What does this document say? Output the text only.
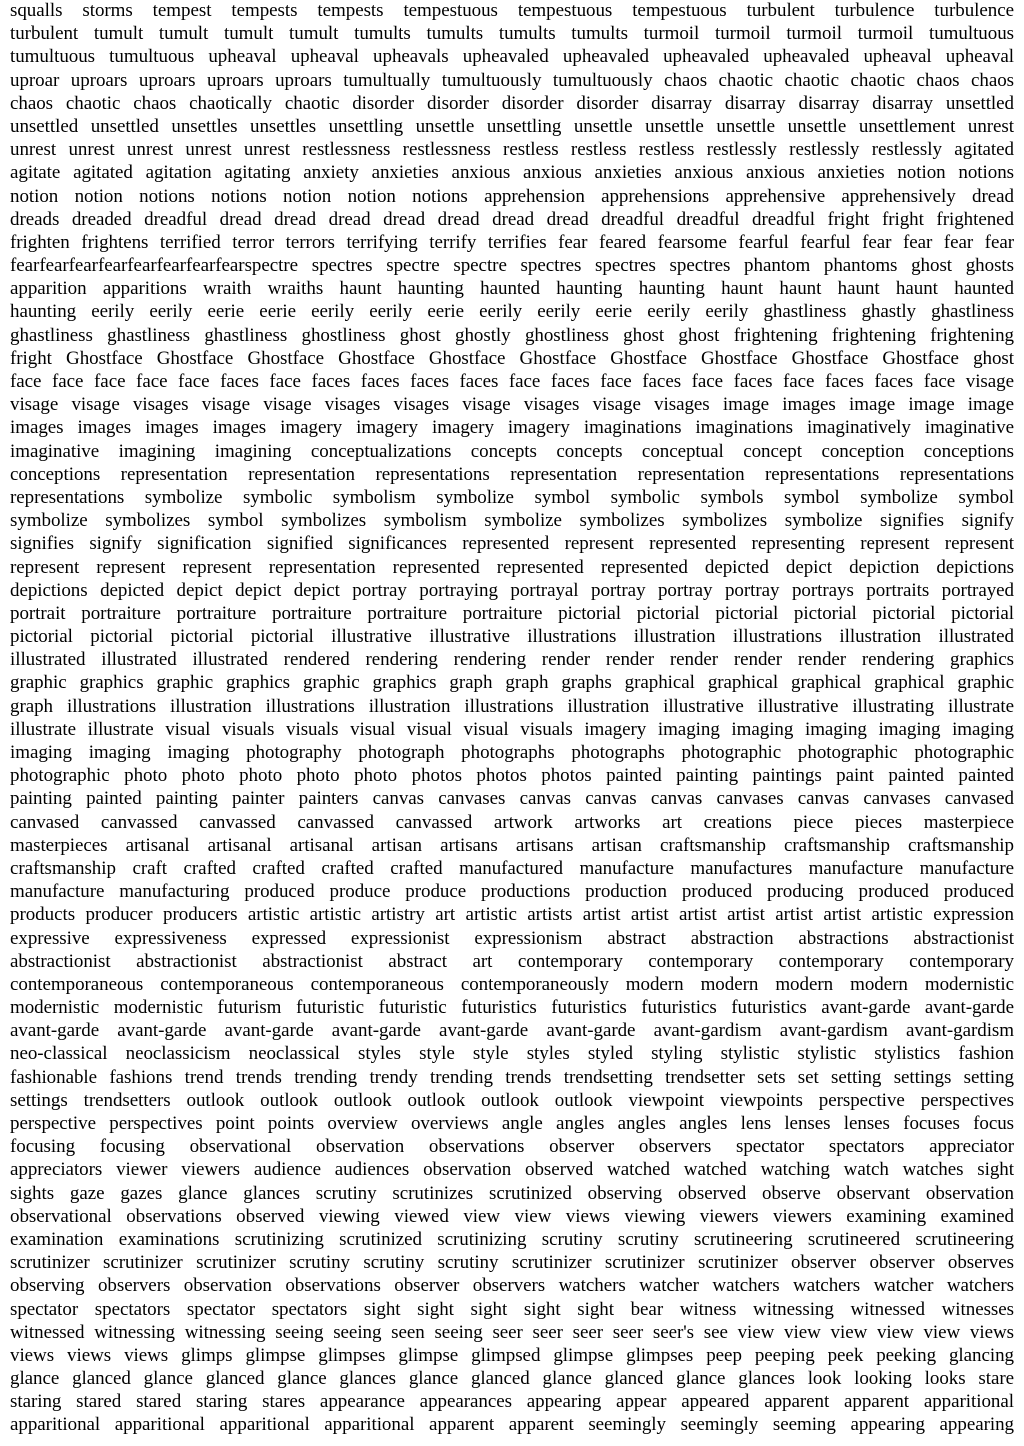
squalls storms tempest tempests tempests tempestuous tempestuous tempestuous turbulent turbulence turbulence
turbulent tumult tumult tumult tumult tumults tumults tumults tumults turmoil turmoil turmoil turmoil tumultuous
tumultuous tumultuous upheaval upheaval upheavals upheavaled upheavaled upheavaled upheavaled upheaval upheaval
uproar uproars uproars uproars uproars tumultually tumultuously tumultuously chaos chaotic chaotic chaotic chaos chaos
chaos chaotic chaos chaotically chaotic disorder disorder disorder disorder disarray disarray disarray disarray unsettled
unsettled unsettled unsettles unsettles unsettling unsettle unsettling unsettle unsettle unsettle unsettle unsettlement unrest
unrest unrest unrest unrest unrest restlessness restlessness restless restless restless restlessly restlessly restlessly agitated
agitate agitated agitation agitating anxiety anxieties anxious anxious anxieties anxious anxious anxieties notion notions
notion notion notions notions notion notion notions apprehension apprehensions apprehensive apprehensively dread
dreads dreaded dreadful dread dread dread dread dread dread dread dreadful dreadful dreadful fright fright frightened
frighten frightens terrified terror terrors terrifying terrify terrifies fear feared fearsome fearful fearful fear fear fear fear
fearfearfearfearfearfearfearfearspectre spectres spectre spectre spectres spectres spectres phantom phantoms ghost ghosts
apparition apparitions wraith wraiths haunt haunting haunted haunting haunting haunt haunt haunt haunt haunted
haunting eerily eerily eerie eerie eerily eerily eerie eerily eerily eerie eerily eerily ghastliness ghastly ghastliness
ghastliness ghastliness ghastliness ghostliness ghost ghostly ghostliness ghost ghost frightening frightening frightening
fright Ghostface Ghostface Ghostface Ghostface Ghostface Ghostface Ghostface Ghostface Ghostface Ghostface ghost
face face face face face faces face faces faces faces faces face faces face faces face faces face faces faces face visage
visage visage visages visage visage visages visages visage visages visage visages image images image image image
images images images images imagery imagery imagery imagery imaginations imaginations imaginatively imaginative
imaginative imagining imagining conceptualizations concepts concepts conceptual concept conception conceptions
conceptions representation representation representations representation representation representations representations
representations symbolize symbolic symbolism symbolize symbol symbolic symbols symbol symbolize symbol
symbolize symbolizes symbol symbolizes symbolism symbolize symbolizes symbolizes symbolize signifies signify
signifies signify signification signified significances represented represent represented representing represent represent
represent represent represent representation represented represented represented depicted depict depiction depictions
depictions depicted depict depict depict portray portraying portrayal portray portray portray portrays portraits portrayed
portrait portraiture portraiture portraiture portraiture portraiture pictorial pictorial pictorial pictorial pictorial pictorial
pictorial pictorial pictorial pictorial illustrative illustrative illustrations illustration illustrations illustration illustrated
illustrated illustrated illustrated rendered rendering rendering render render render render render rendering graphics
graphic graphics graphic graphics graphic graphics graph graph graphs graphical graphical graphical graphical graphic
graph illustrations illustration illustrations illustration illustrations illustration illustrative illustrative illustrating illustrate
illustrate illustrate visual visuals visuals visual visual visual visuals imagery imaging imaging imaging imaging imaging
imaging imaging imaging photography photograph photographs photographs photographic photographic photographic
photographic photo photo photo photo photo photos photos photos painted painting paintings paint painted painted
painting painted painting painter painters canvas canvases canvas canvas canvas canvases canvas canvases canvased
canvased canvassed canvassed canvassed canvassed artwork artworks art creations piece pieces masterpiece
masterpieces artisanal artisanal artisanal artisan artisans artisans artisan craftsmanship craftsmanship craftsmanship
craftsmanship craft crafted crafted crafted crafted manufactured manufacture manufactures manufacture manufacture
manufacture manufacturing produced produce produce productions production produced producing produced produced
products producer producers artistic artistic artistry art artistic artists artist artist artist artist artist artist artistic expression
expressive expressiveness expressed expressionist expressionism abstract abstraction abstractions abstractionist
abstractionist abstractionist abstractionist abstract art contemporary contemporary contemporary contemporary
contemporaneous contemporaneous contemporaneous contemporaneously modern modern modern modern modernistic
modernistic modernistic futurism futuristic futuristic futuristics futuristics futuristics futuristics avant-garde avant-garde
avant-garde avant-garde avant-garde avant-garde avant-garde avant-garde avant-gardism avant-gardism avant-gardism
neo-classical neoclassicism neoclassical styles style style styles styled styling stylistic stylistic stylistics fashion
fashionable fashions trend trends trending trendy trending trends trendsetting trendsetter sets set setting settings setting
settings trendsetters outlook outlook outlook outlook outlook outlook viewpoint viewpoints perspective perspectives
perspective perspectives point points overview overviews angle angles angles angles lens lenses lenses focuses focus
focusing focusing observational observation observations observer observers spectator spectators appreciator
appreciators viewer viewers audience audiences observation observed watched watched watching watch watches sight
sights gaze gazes glance glances scrutiny scrutinizes scrutinized observing observed observe observant observation
observational observations observed viewing viewed view view views viewing viewers viewers examining examined
examination examinations scrutinizing scrutinized scrutinizing scrutiny scrutiny scrutineering scrutineered scrutineering
scrutinizer scrutinizer scrutinizer scrutiny scrutiny scrutiny scrutinizer scrutinizer scrutinizer observer observer observes
observing observers observation observations observer observers watchers watcher watchers watchers watcher watchers
spectator spectators spectator spectators sight sight sight sight sight bear witness witnessing witnessed witnesses
witnessed witnessing witnessing seeing seeing seen seeing seer seer seer seer seer's see view view view view view views
views views views glimps glimpse glimpses glimpse glimpsed glimpse glimpses peep peeping peek peeking glancing
glance glanced glance glanced glance glances glance glanced glance glanced glance glances look looking looks stare
staring stared stared staring stares appearance appearances appearing appear appeared apparent apparent apparitional
apparitional apparitional apparitional apparitional apparent apparent seemingly seemingly seeming appearing appearing
